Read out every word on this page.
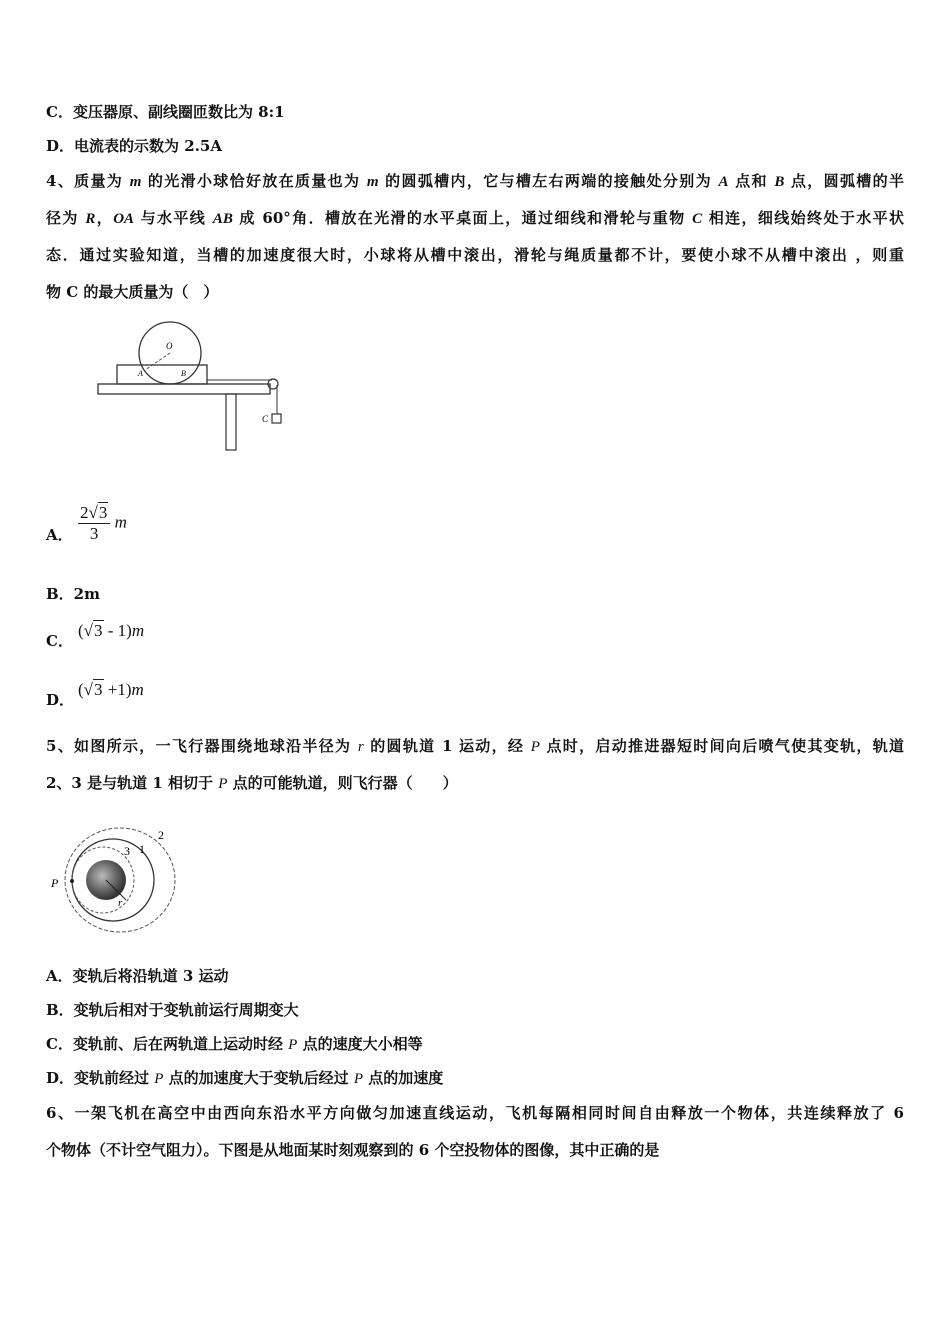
C．变压器原、副线圈匝数比为 8:1
D．电流表的示数为 2.5A
4、质量为 m 的光滑小球恰好放在质量也为 m 的圆弧槽内，它与槽左右两端的接触处分别为 A 点和 B 点，圆弧槽的半
径为 R，OA 与水平线 AB 成 60°角．槽放在光滑的水平桌面上，通过细线和滑轮与重物 C 相连，细线始终处于水平状
态．通过实验知道，当槽的加速度很大时，小球将从槽中滚出，滑轮与绳质量都不计，要使小球不从槽中滚出 ，则重
物 C 的最大质量为（　）
O
A	B
C
A． $\frac{2√3}{3}$ m
B．2m
C．
(√3 - 1)m
D．
(√3 +1)m
5、如图所示，一飞行器围绕地球沿半径为 r 的圆轨道 1 运动，经 P 点时，启动推进器短时间向后喷气使其变轨，轨道
2、3 是与轨道 1 相切于 P 点的可能轨道，则飞行器（　　）
P
1
2
3
r
A．变轨后将沿轨道 3 运动
B．变轨后相对于变轨前运行周期变大
C．变轨前、后在两轨道上运动时经 P 点的速度大小相等
D．变轨前经过 P 点的加速度大于变轨后经过 P 点的加速度
6、一架飞机在高空中由西向东沿水平方向做匀加速直线运动，飞机每隔相同时间自由释放一个物体，共连续释放了 6
个物体（不计空气阻力）。下图是从地面某时刻观察到的 6 个空投物体的图像，其中正确的是
